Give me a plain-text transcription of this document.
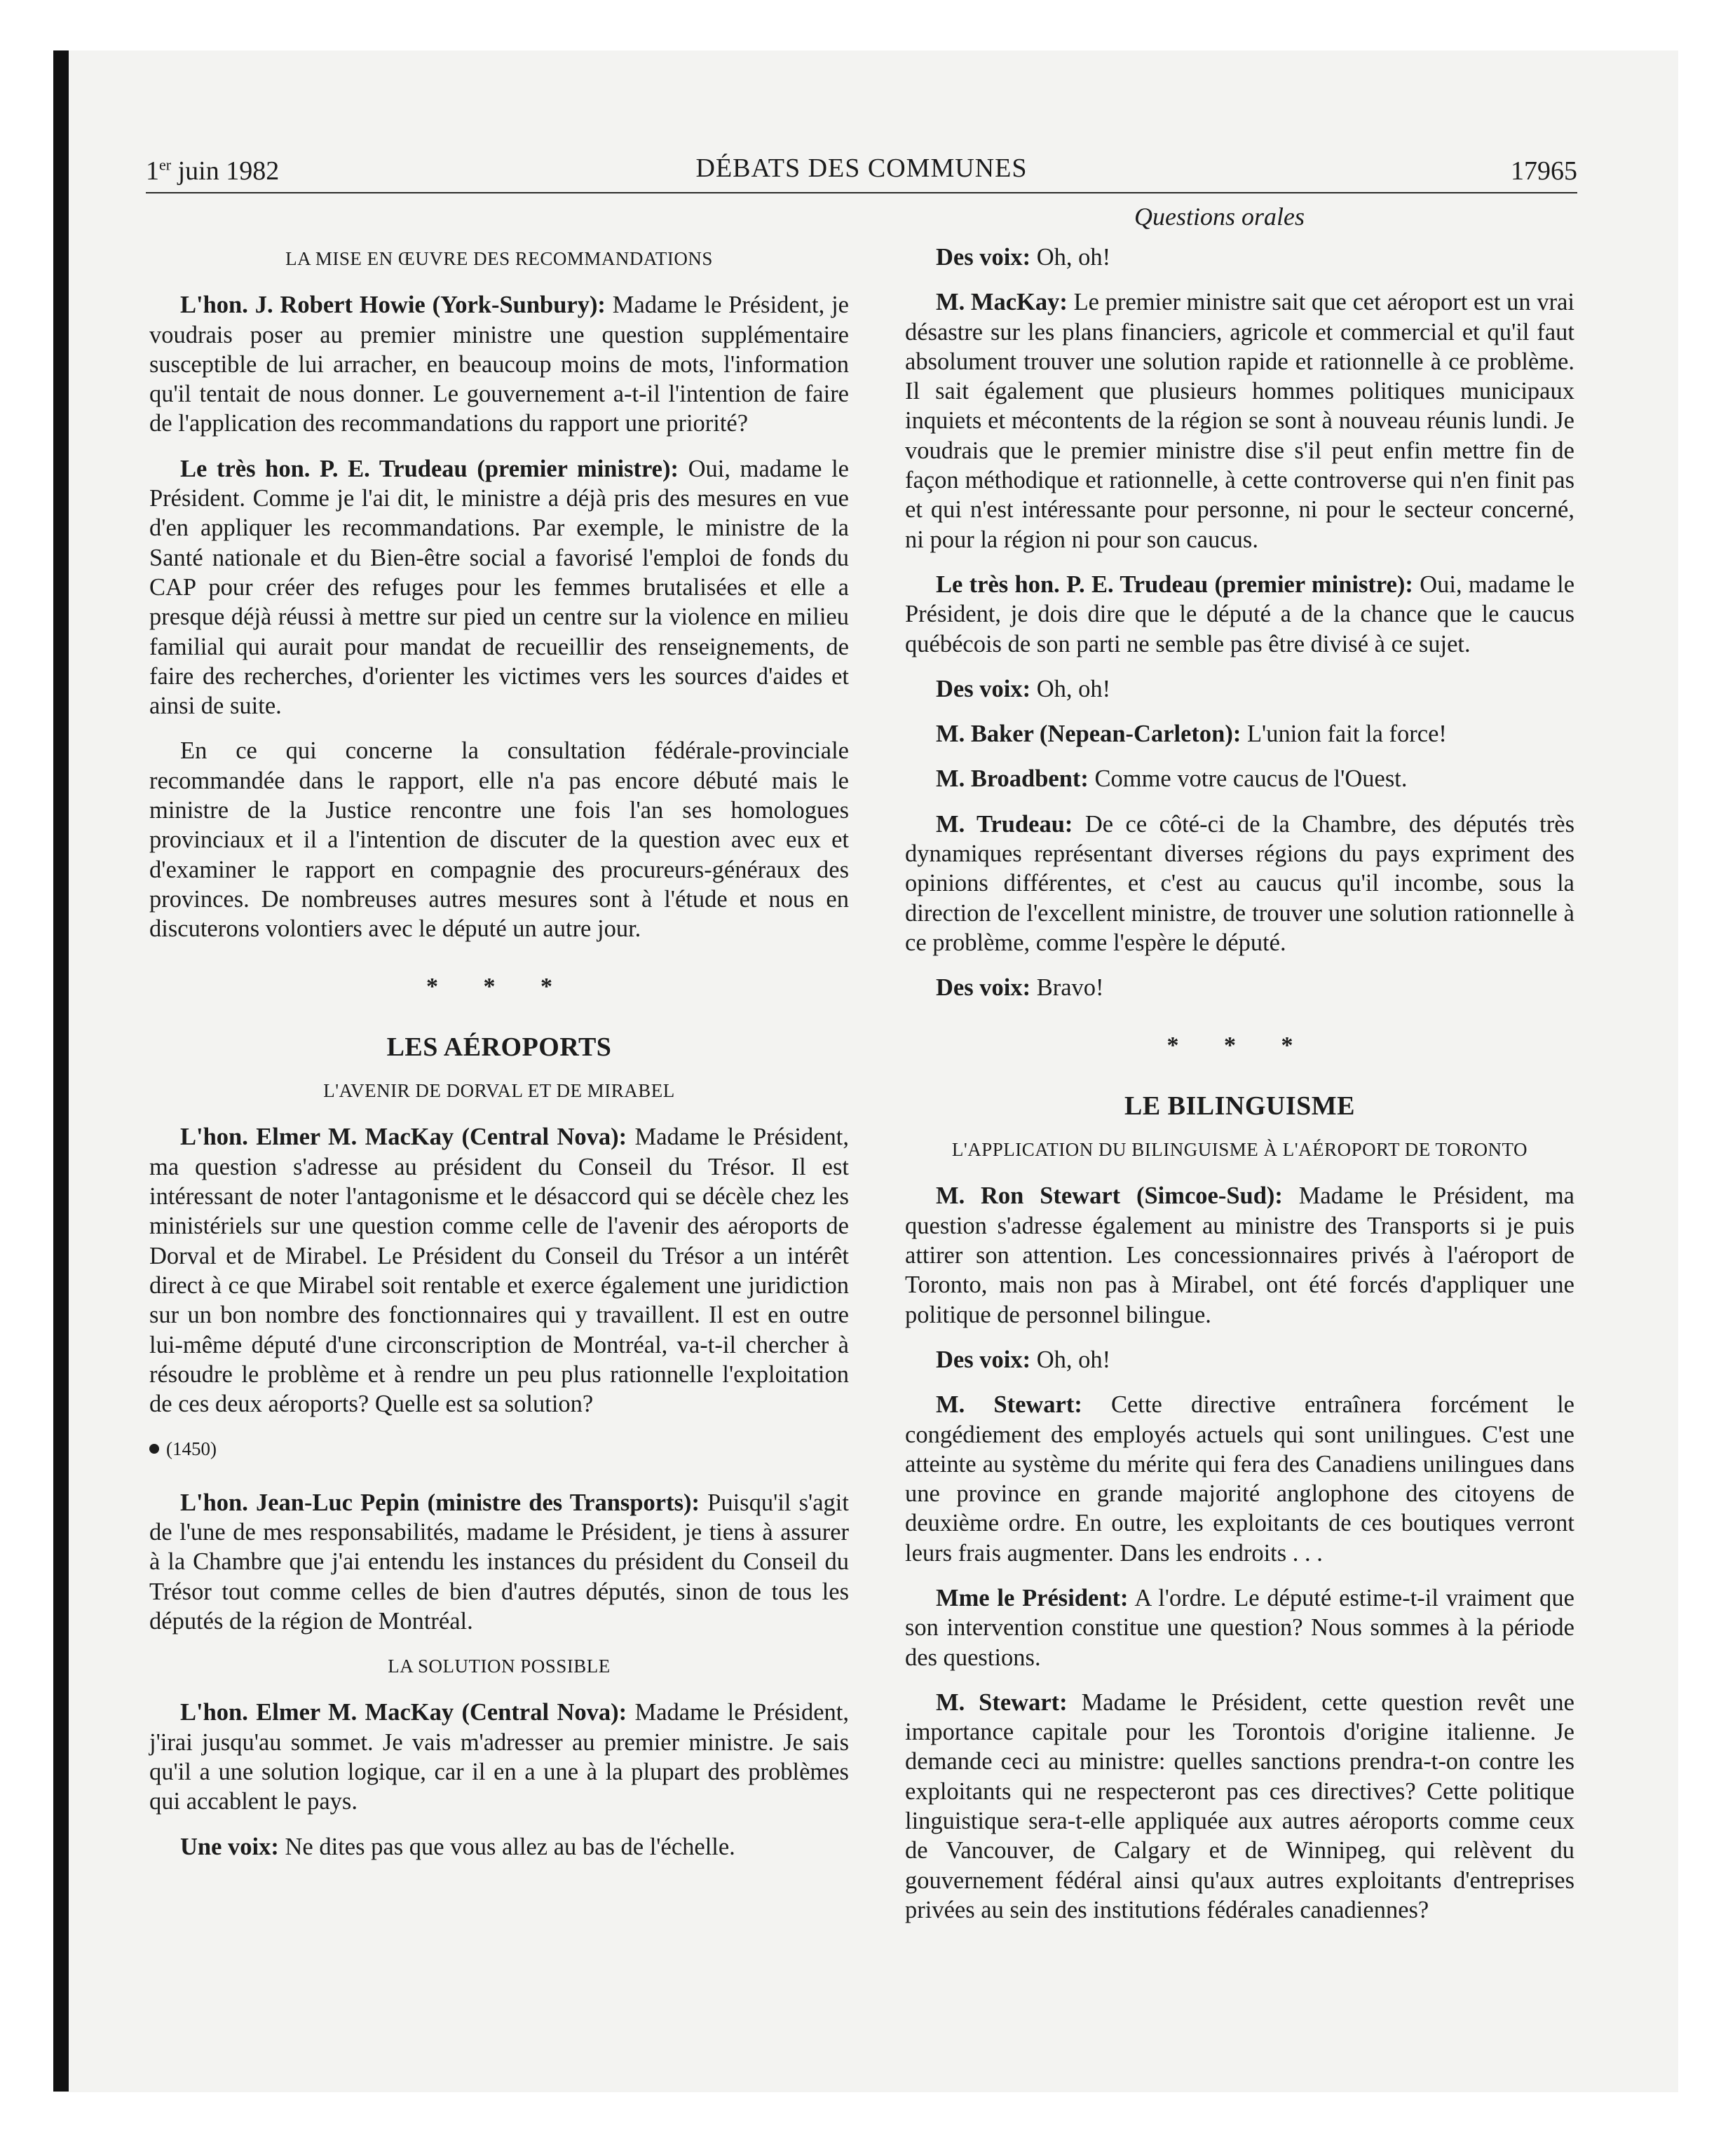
1er juin 1982	DÉBATS DES COMMUNES	17965
Questions orales
LA MISE EN ŒUVRE DES RECOMMANDATIONS

L'hon. J. Robert Howie (York-Sunbury): Madame le Président, je voudrais poser au premier ministre une question supplémentaire susceptible de lui arracher, en beaucoup moins de mots, l'information qu'il tentait de nous donner. Le gouvernement a-t-il l'intention de faire de l'application des recommandations du rapport une priorité?

Le très hon. P. E. Trudeau (premier ministre): Oui, madame le Président. Comme je l'ai dit, le ministre a déjà pris des mesures en vue d'en appliquer les recommandations. Par exemple, le ministre de la Santé nationale et du Bien-être social a favorisé l'emploi de fonds du CAP pour créer des refuges pour les femmes brutalisées et elle a presque déjà réussi à mettre sur pied un centre sur la violence en milieu familial qui aurait pour mandat de recueillir des renseignements, de faire des recherches, d'orienter les victimes vers les sources d'aides et ainsi de suite.

En ce qui concerne la consultation fédérale-provinciale recommandée dans le rapport, elle n'a pas encore débuté mais le ministre de la Justice rencontre une fois l'an ses homologues provinciaux et il a l'intention de discuter de la question avec eux et d'examiner le rapport en compagnie des procureurs-généraux des provinces. De nombreuses autres mesures sont à l'étude et nous en discuterons volontiers avec le député un autre jour.

* * *
LES AÉROPORTS
L'AVENIR DE DORVAL ET DE MIRABEL

L'hon. Elmer M. MacKay (Central Nova): Madame le Président, ma question s'adresse au président du Conseil du Trésor. Il est intéressant de noter l'antagonisme et le désaccord qui se décèle chez les ministériels sur une question comme celle de l'avenir des aéroports de Dorval et de Mirabel. Le Président du Conseil du Trésor a un intérêt direct à ce que Mirabel soit rentable et exerce également une juridiction sur un bon nombre des fonctionnaires qui y travaillent. Il est en outre lui-même député d'une circonscription de Montréal, va-t-il chercher à résoudre le problème et à rendre un peu plus rationnelle l'exploitation de ces deux aéroports? Quelle est sa solution?

(1450)

L'hon. Jean-Luc Pepin (ministre des Transports): Puisqu'il s'agit de l'une de mes responsabilités, madame le Président, je tiens à assurer à la Chambre que j'ai entendu les instances du président du Conseil du Trésor tout comme celles de bien d'autres députés, sinon de tous les députés de la région de Montréal.

LA SOLUTION POSSIBLE

L'hon. Elmer M. MacKay (Central Nova): Madame le Président, j'irai jusqu'au sommet. Je vais m'adresser au premier ministre. Je sais qu'il a une solution logique, car il en a une à la plupart des problèmes qui accablent le pays.

Une voix: Ne dites pas que vous allez au bas de l'échelle.

Des voix: Oh, oh!

M. MacKay: Le premier ministre sait que cet aéroport est un vrai désastre sur les plans financiers, agricole et commercial et qu'il faut absolument trouver une solution rapide et rationnelle à ce problème. Il sait également que plusieurs hommes politiques municipaux inquiets et mécontents de la région se sont à nouveau réunis lundi. Je voudrais que le premier ministre dise s'il peut enfin mettre fin de façon méthodique et rationnelle, à cette controverse qui n'en finit pas et qui n'est intéressante pour personne, ni pour le secteur concerné, ni pour la région ni pour son caucus.

Le très hon. P. E. Trudeau (premier ministre): Oui, madame le Président, je dois dire que le député a de la chance que le caucus québécois de son parti ne semble pas être divisé à ce sujet.

Des voix: Oh, oh!

M. Baker (Nepean-Carleton): L'union fait la force!

M. Broadbent: Comme votre caucus de l'Ouest.

M. Trudeau: De ce côté-ci de la Chambre, des députés très dynamiques représentant diverses régions du pays expriment des opinions différentes, et c'est au caucus qu'il incombe, sous la direction de l'excellent ministre, de trouver une solution rationnelle à ce problème, comme l'espère le député.

Des voix: Bravo!

* * *
LE BILINGUISME
L'APPLICATION DU BILINGUISME À L'AÉROPORT DE TORONTO

M. Ron Stewart (Simcoe-Sud): Madame le Président, ma question s'adresse également au ministre des Transports si je puis attirer son attention. Les concessionnaires privés à l'aéroport de Toronto, mais non pas à Mirabel, ont été forcés d'appliquer une politique de personnel bilingue.

Des voix: Oh, oh!

M. Stewart: Cette directive entraînera forcément le congédiement des employés actuels qui sont unilingues. C'est une atteinte au système du mérite qui fera des Canadiens unilingues dans une province en grande majorité anglophone des citoyens de deuxième ordre. En outre, les exploitants de ces boutiques verront leurs frais augmenter. Dans les endroits . . .

Mme le Président: A l'ordre. Le député estime-t-il vraiment que son intervention constitue une question? Nous sommes à la période des questions.

M. Stewart: Madame le Président, cette question revêt une importance capitale pour les Torontois d'origine italienne. Je demande ceci au ministre: quelles sanctions prendra-t-on contre les exploitants qui ne respecteront pas ces directives? Cette politique linguistique sera-t-elle appliquée aux autres aéroports comme ceux de Vancouver, de Calgary et de Winnipeg, qui relèvent du gouvernement fédéral ainsi qu'aux autres exploitants d'entreprises privées au sein des institutions fédérales canadiennes?
